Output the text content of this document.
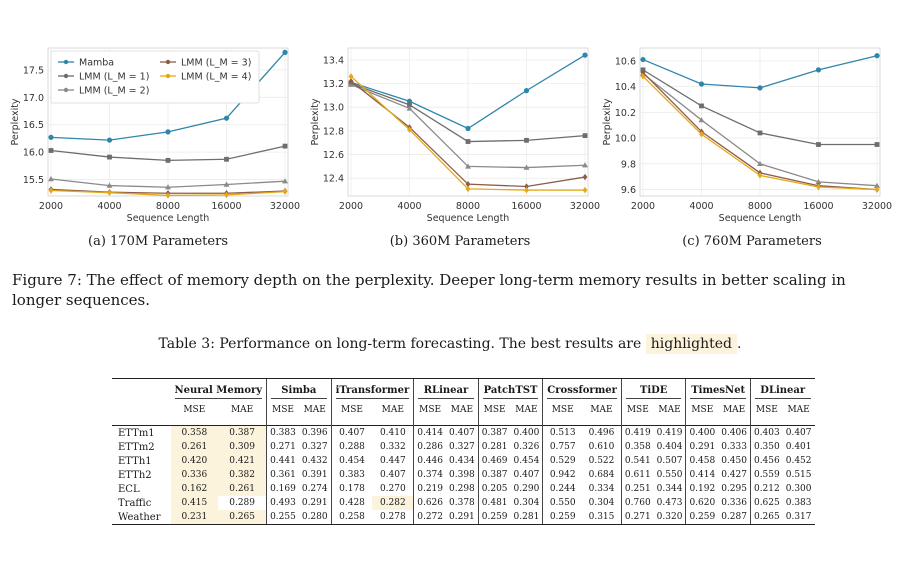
15.5
16.0
16.5
17.0
17.5
2000	4000	8000	16000	32000
Sequence Length
Perplexity
Mamba
LMM (L_M = 1)
LMM (L_M = 2)
LMM (L_M = 3)
LMM (L_M = 4)
12.4
12.6
12.8
13.0
13.2
13.4
2000	4000	8000	16000	32000
Sequence Length
Perplexity
9.6
9.8
10.0
10.2
10.4
10.6
2000	4000	8000	16000	32000
Sequence Length
Perplexity
(a) 170M Parameters	(b) 360M Parameters	(c) 760M Parameters
Figure 7: The effect of memory depth on the perplexity. Deeper long-term memory results in better scaling in longer sequences.
Table 3: Performance on long-term forecasting. The best results are highlighted .

	Neural Memory		Simba		iTransformer		RLinear		PatchTST		Crossformer		TiDE		TimesNet		DLinear	

	MSE	MAE	MSE	MAE	MSE	MAE	MSE	MAE	MSE	MAE	MSE	MAE	MSE	MAE	MSE	MAE	MSE	MAE
ETTm1	0.358	0.387	0.383	0.396	0.407	0.410	0.414	0.407	0.387	0.400	0.513	0.496	0.419	0.419	0.400	0.406	0.403	0.407
ETTm2	0.261	0.309	0.271	0.327	0.288	0.332	0.286	0.327	0.281	0.326	0.757	0.610	0.358	0.404	0.291	0.333	0.350	0.401
ETTh1	0.420	0.421	0.441	0.432	0.454	0.447	0.446	0.434	0.469	0.454	0.529	0.522	0.541	0.507	0.458	0.450	0.456	0.452
ETTh2	0.336	0.382	0.361	0.391	0.383	0.407	0.374	0.398	0.387	0.407	0.942	0.684	0.611	0.550	0.414	0.427	0.559	0.515
ECL	0.162	0.261	0.169	0.274	0.178	0.270	0.219	0.298	0.205	0.290	0.244	0.334	0.251	0.344	0.192	0.295	0.212	0.300
Traffic	0.415	0.289	0.493	0.291	0.428	0.282	0.626	0.378	0.481	0.304	0.550	0.304	0.760	0.473	0.620	0.336	0.625	0.383
Weather	0.231	0.265	0.255	0.280	0.258	0.278	0.272	0.291	0.259	0.281	0.259	0.315	0.271	0.320	0.259	0.287	0.265	0.317
